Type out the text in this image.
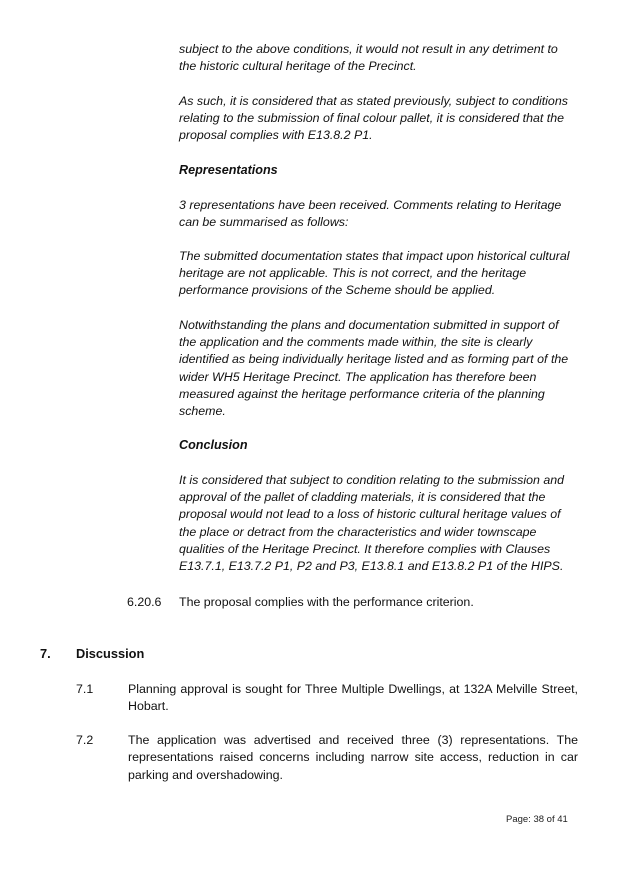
subject to the above conditions, it would not result in any detriment to the historic cultural heritage of the Precinct.

As such, it is considered that as stated previously, subject to conditions relating to the submission of final colour pallet, it is considered that the proposal complies with E13.8.2 P1.

Representations

3 representations have been received. Comments relating to Heritage can be summarised as follows:

The submitted documentation states that impact upon historical cultural heritage are not applicable. This is not correct, and the heritage performance provisions of the Scheme should be applied.

Notwithstanding the plans and documentation submitted in support of the application and the comments made within, the site is clearly identified as being individually heritage listed and as forming part of the wider WH5 Heritage Precinct. The application has therefore been measured against the heritage performance criteria of the planning scheme.

Conclusion

It is considered that subject to condition relating to the submission and approval of the pallet of cladding materials, it is considered that the proposal would not lead to a loss of historic cultural heritage values of the place or detract from the characteristics and wider townscape qualities of the Heritage Precinct. It therefore complies with Clauses E13.7.1, E13.7.2 P1, P2 and P3, E13.8.1 and E13.8.2 P1 of the HIPS.

6.20.6 The proposal complies with the performance criterion.

7. Discussion

7.1	Planning approval is sought for Three Multiple Dwellings, at 132A Melville Street, Hobart.

7.2	The application was advertised and received three (3) representations. The representations raised concerns including narrow site access, reduction in car parking and overshadowing.

Page: 38 of 41
